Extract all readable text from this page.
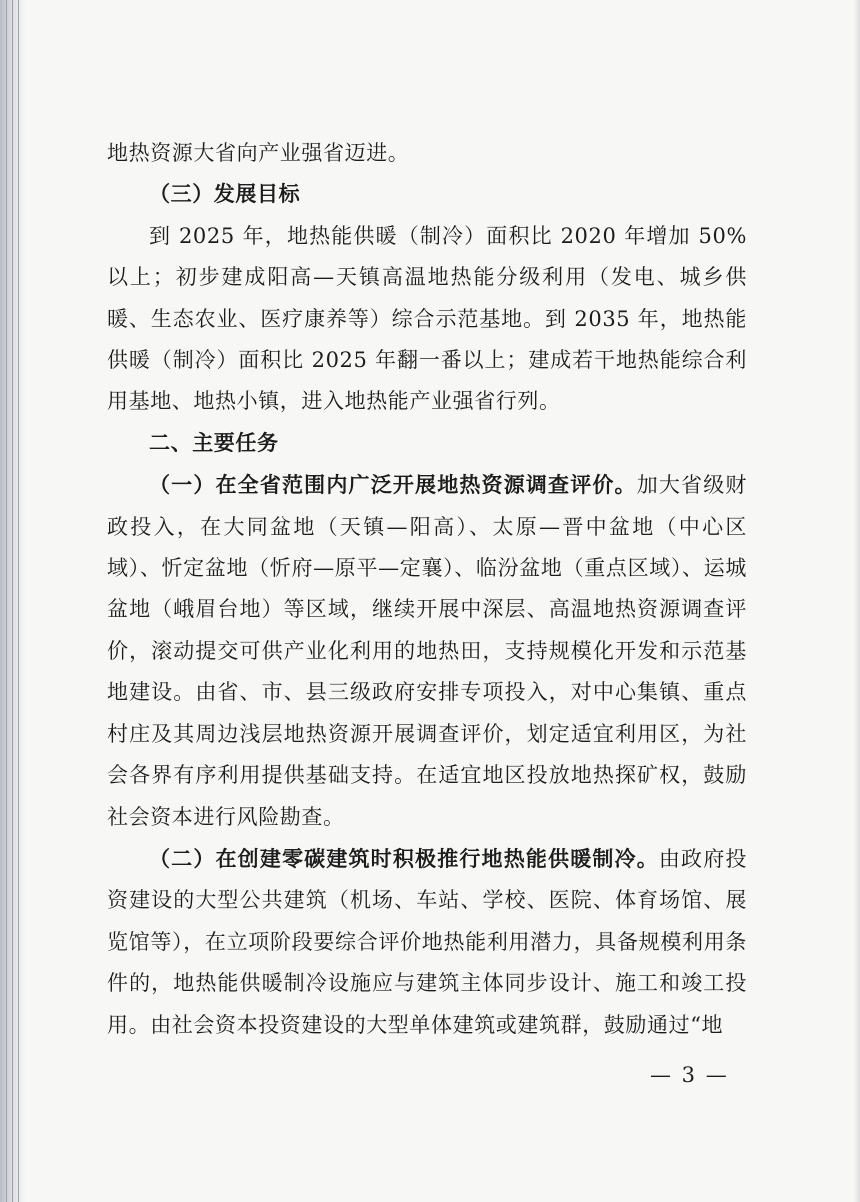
地热资源大省向产业强省迈进。

（三）发展目标

到 2025 年，地热能供暖（制冷）面积比 2020 年增加 50%以上；初步建成阳高—天镇高温地热能分级利用（发电、城乡供暖、生态农业、医疗康养等）综合示范基地。到 2035 年，地热能供暖（制冷）面积比 2025 年翻一番以上；建成若干地热能综合利用基地、地热小镇，进入地热能产业强省行列。

二、主要任务

（一）在全省范围内广泛开展地热资源调查评价。加大省级财政投入，在大同盆地（天镇—阳高）、太原—晋中盆地（中心区域）、忻定盆地（忻府—原平—定襄）、临汾盆地（重点区域）、运城盆地（峨眉台地）等区域，继续开展中深层、高温地热资源调查评价，滚动提交可供产业化利用的地热田，支持规模化开发和示范基地建设。由省、市、县三级政府安排专项投入，对中心集镇、重点村庄及其周边浅层地热资源开展调查评价，划定适宜利用区，为社会各界有序利用提供基础支持。在适宜地区投放地热探矿权，鼓励社会资本进行风险勘查。

（二）在创建零碳建筑时积极推行地热能供暖制冷。由政府投资建设的大型公共建筑（机场、车站、学校、医院、体育场馆、展览馆等），在立项阶段要综合评价地热能利用潜力，具备规模利用条件的，地热能供暖制冷设施应与建筑主体同步设计、施工和竣工投用。由社会资本投资建设的大型单体建筑或建筑群，鼓励通过“地

— 3 —
